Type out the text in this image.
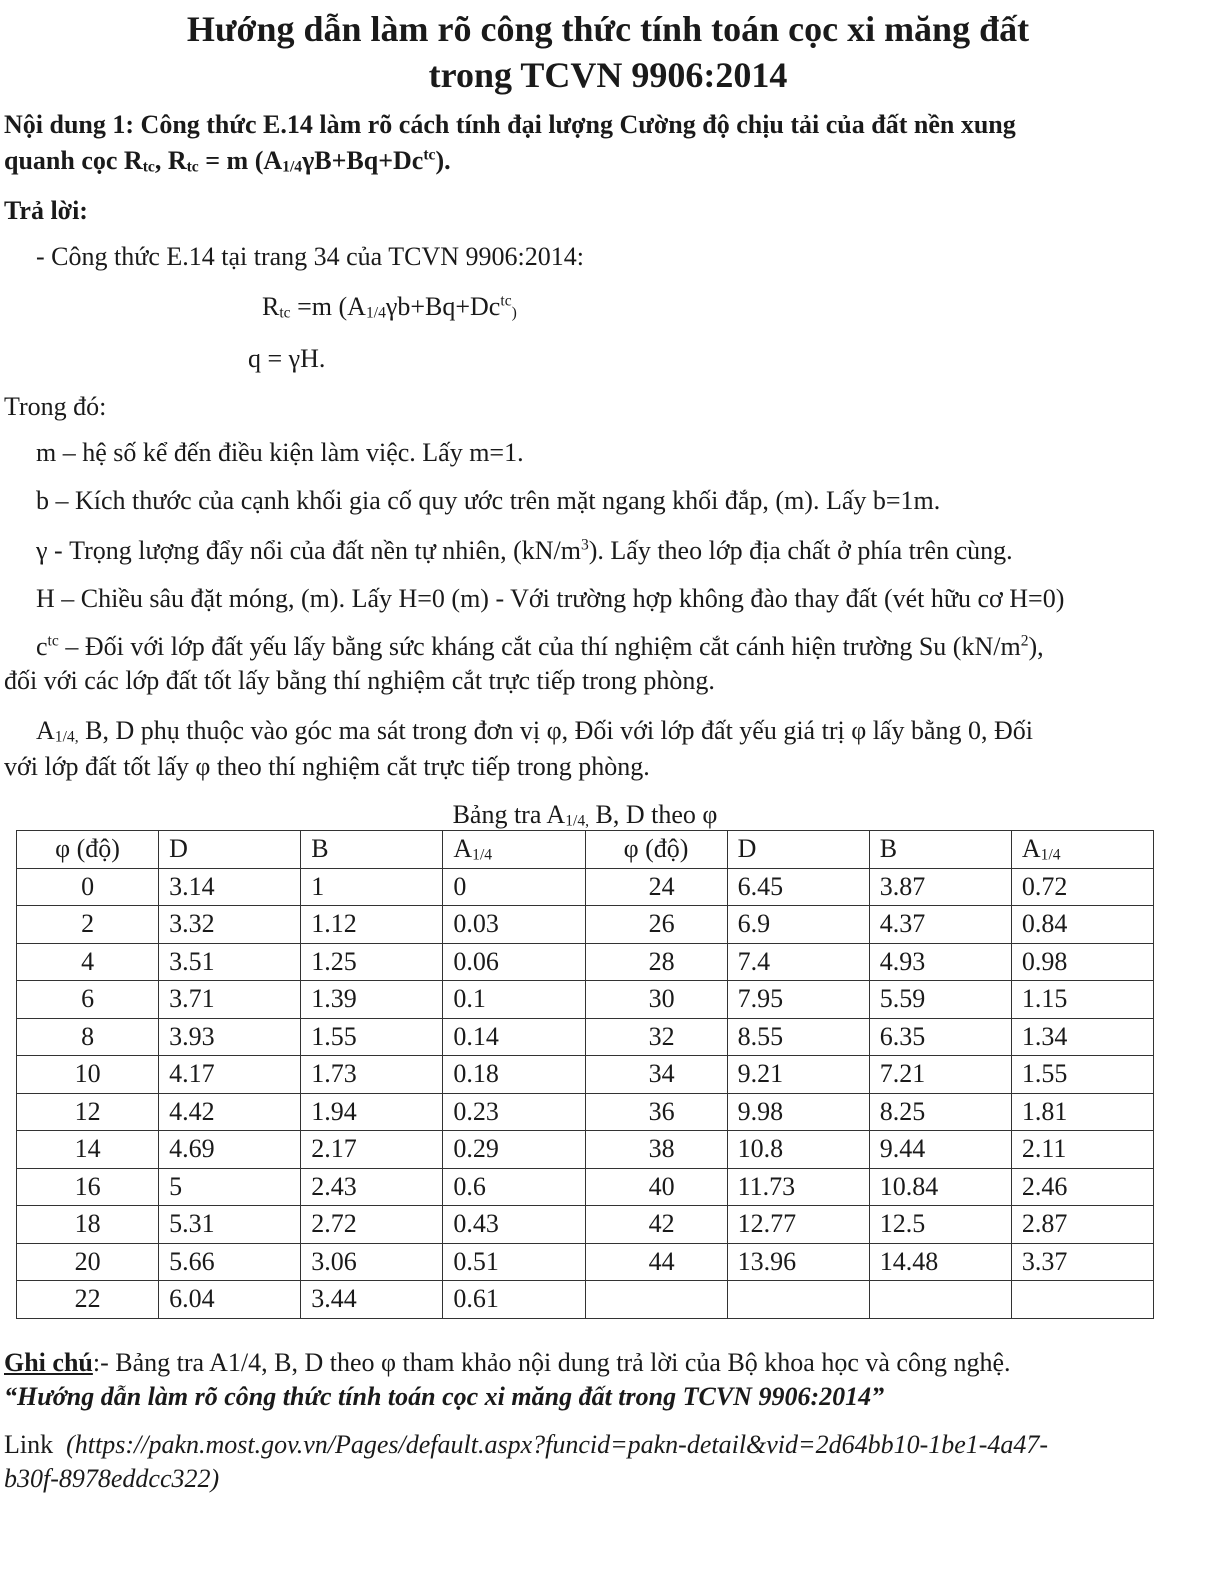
Hướng dẫn làm rõ công thức tính toán cọc xi măng đất
trong TCVN 9906:2014
Nội dung 1: Công thức E.14 làm rõ cách tính đại lượng Cường độ chịu tải của đất nền xung
quanh cọc Rtc, Rtc = m $(A1/4\gamma B+Bq+Dc^{tc})$.
Trả lời:
- Công thức E.14 tại trang 34 của TCVN 9906:2014:
Rtc =m $(A1/4\gamma b+Bq+Dc^{tc})$
q = γH.
Trong đó:
m – hệ số kể đến điều kiện làm việc. Lấy m=1.
b – Kích thước của cạnh khối gia cố quy ước trên mặt ngang khối đắp, (m). Lấy b=1m.
γ - Trọng lượng đẩy nổi của đất nền tự nhiên, $(kN/m^3)$. Lấy theo lớp địa chất ở phía trên cùng.
H – Chiều sâu đặt móng, (m). Lấy H=0 (m) - Với trường hợp không đào thay đất (vét hữu cơ H=0)
$c^{tc}$ – Đối với lớp đất yếu lấy bằng sức kháng cắt của thí nghiệm cắt cánh hiện trường Su $(kN/m^2)$,
đối với các lớp đất tốt lấy bằng thí nghiệm cắt trực tiếp trong phòng.
A1/4, B, D phụ thuộc vào góc ma sát trong đơn vị φ, Đối với lớp đất yếu giá trị φ lấy bằng 0, Đối
với lớp đất tốt lấy φ theo thí nghiệm cắt trực tiếp trong phòng.
Bảng tra A1/4, B, D theo φ
φ (độ)	D	B	A1/4	φ (độ)	D	B	A1/4
0	3.14	1	0	24	6.45	3.87	0.72
2	3.32	1.12	0.03	26	6.9	4.37	0.84
4	3.51	1.25	0.06	28	7.4	4.93	0.98
6	3.71	1.39	0.1	30	7.95	5.59	1.15
8	3.93	1.55	0.14	32	8.55	6.35	1.34
10	4.17	1.73	0.18	34	9.21	7.21	1.55
12	4.42	1.94	0.23	36	9.98	8.25	1.81
14	4.69	2.17	0.29	38	10.8	9.44	2.11
16	5	2.43	0.6	40	11.73	10.84	2.46
18	5.31	2.72	0.43	42	12.77	12.5	2.87
20	5.66	3.06	0.51	44	13.96	14.48	3.37
22	6.04	3.44	0.61				
Ghi chú:- Bảng tra A1/4, B, D theo φ tham khảo nội dung trả lời của Bộ khoa học và công nghệ.
“Hướng dẫn làm rõ công thức tính toán cọc xi măng đất trong TCVN 9906:2014”
Link (https://pakn.most.gov.vn/Pages/default.aspx?funcid=pakn-detail&vid=2d64bb10-1be1-4a47-
b30f-8978eddcc322)
